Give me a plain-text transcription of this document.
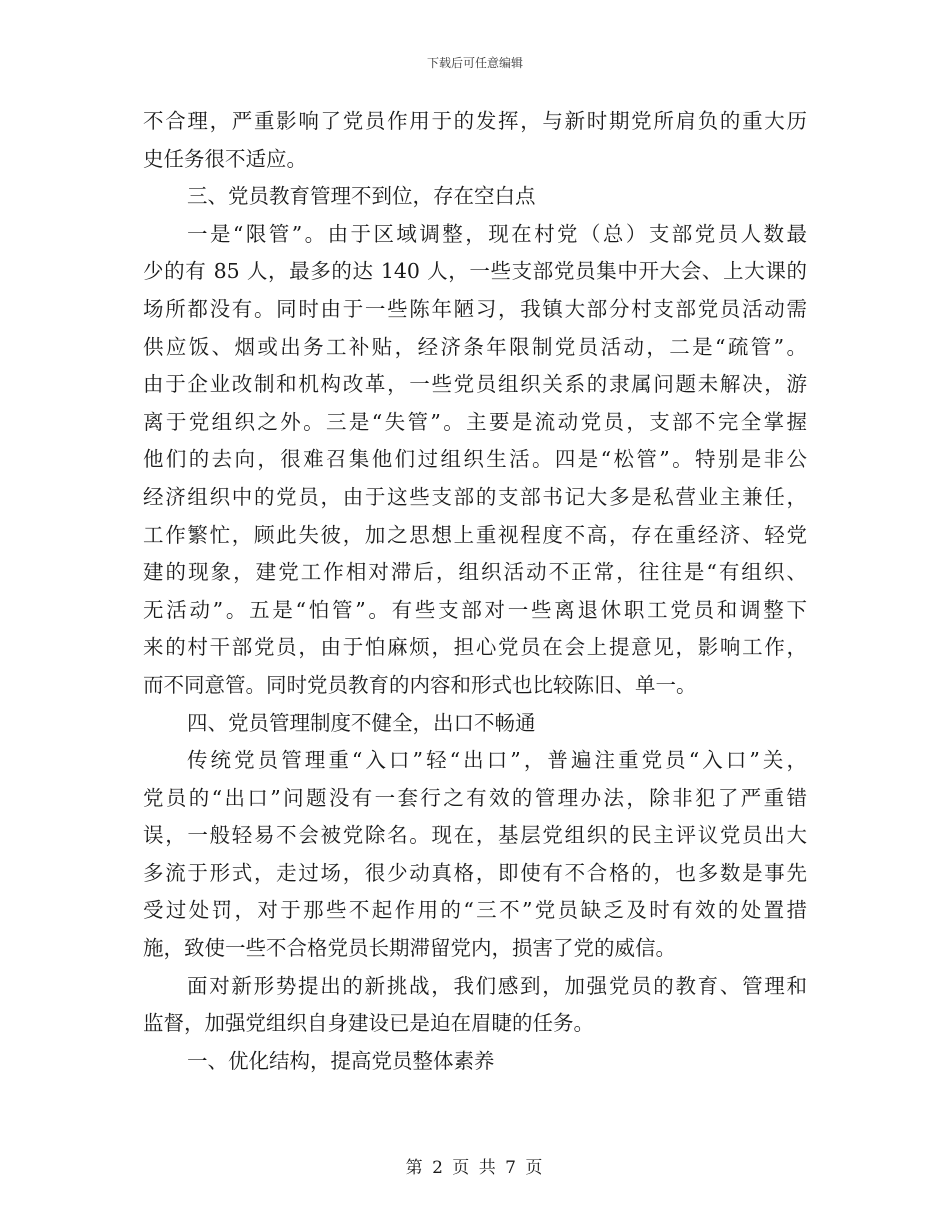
下载后可任意编辑
不合理，严重影响了党员作用于的发挥，与新时期党所肩负的重大历
史任务很不适应。
三、党员教育管理不到位，存在空白点
一是“限管”。由于区域调整，现在村党（总）支部党员人数最
少的有 85 人，最多的达 140 人，一些支部党员集中开大会、上大课的
场所都没有。同时由于一些陈年陋习，我镇大部分村支部党员活动需
供应饭、烟或出务工补贴，经济条年限制党员活动，二是“疏管”。
由于企业改制和机构改革，一些党员组织关系的隶属问题未解决，游
离于党组织之外。三是“失管”。主要是流动党员，支部不完全掌握
他们的去向，很难召集他们过组织生活。四是“松管”。特别是非公
经济组织中的党员，由于这些支部的支部书记大多是私营业主兼任，
工作繁忙，顾此失彼，加之思想上重视程度不高，存在重经济、轻党
建的现象，建党工作相对滞后，组织活动不正常，往往是“有组织、
无活动”。五是“怕管”。有些支部对一些离退休职工党员和调整下
来的村干部党员，由于怕麻烦，担心党员在会上提意见，影响工作，
而不同意管。同时党员教育的内容和形式也比较陈旧、单一。
四、党员管理制度不健全，出口不畅通
传统党员管理重“入口”轻“出口”，普遍注重党员“入口”关，
党员的“出口”问题没有一套行之有效的管理办法，除非犯了严重错
误，一般轻易不会被党除名。现在，基层党组织的民主评议党员出大
多流于形式，走过场，很少动真格，即使有不合格的，也多数是事先
受过处罚，对于那些不起作用的“三不”党员缺乏及时有效的处置措
施，致使一些不合格党员长期滞留党内，损害了党的威信。
面对新形势提出的新挑战，我们感到，加强党员的教育、管理和
监督，加强党组织自身建设已是迫在眉睫的任务。
一、优化结构，提高党员整体素养
第 2 页 共 7 页
